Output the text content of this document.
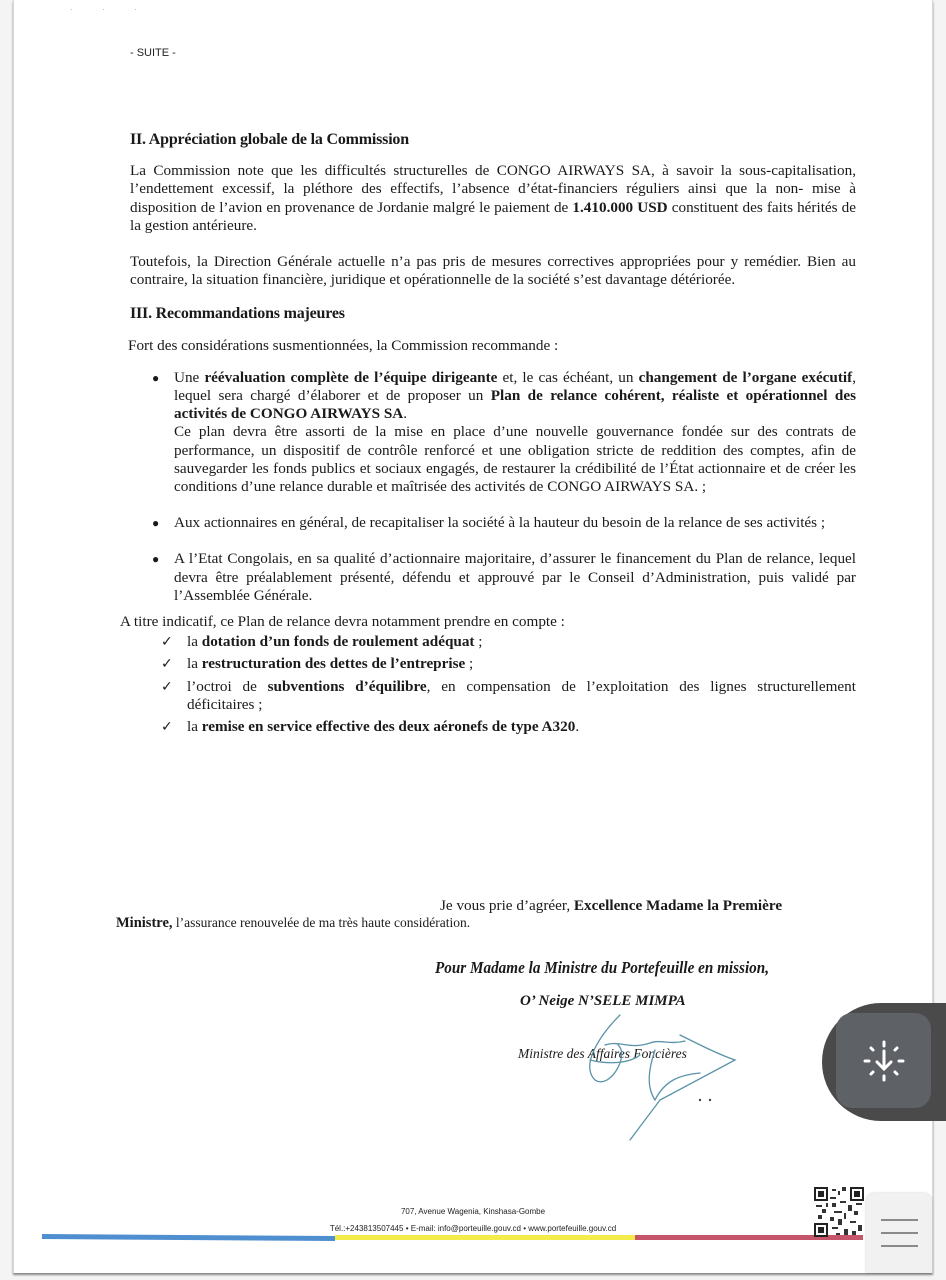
· · ·
- SUITE -
II. Appréciation globale de la Commission

La Commission note que les difficultés structurelles de CONGO AIRWAYS SA, à savoir la sous-capitalisation, l’endettement excessif, la pléthore des effectifs, l’absence d’état-financiers réguliers ainsi que la non- mise à disposition de l’avion en provenance de Jordanie malgré le paiement de 1.410.000 USD constituent des faits hérités de la gestion antérieure.

Toutefois, la Direction Générale actuelle n’a pas pris de mesures correctives appropriées pour y remédier. Bien au contraire, la situation financière, juridique et opérationnelle de la société s’est davantage détériorée.

III. Recommandations majeures

Fort des considérations susmentionnées, la Commission recommande :

● Une réévaluation complète de l’équipe dirigeante et, le cas échéant, un changement de l’organe exécutif, lequel sera chargé d’élaborer et de proposer un Plan de relance cohérent, réaliste et opérationnel des activités de CONGO AIRWAYS SA.
Ce plan devra être assorti de la mise en place d’une nouvelle gouvernance fondée sur des contrats de performance, un dispositif de contrôle renforcé et une obligation stricte de reddition des comptes, afin de sauvegarder les fonds publics et sociaux engagés, de restaurer la crédibilité de l’État actionnaire et de créer les conditions d’une relance durable et maîtrisée des activités de CONGO AIRWAYS SA. ;
● Aux actionnaires en général, de recapitaliser la société à la hauteur du besoin de la relance de ses activités ;
● A l’Etat Congolais, en sa qualité d’actionnaire majoritaire, d’assurer le financement du Plan de relance, lequel devra être préalablement présenté, défendu et approuvé par le Conseil d’Administration, puis validé par l’Assemblée Générale.

A titre indicatif, ce Plan de relance devra notamment prendre en compte :

✓ la dotation d’un fonds de roulement adéquat ;
✓ la restructuration des dettes de l’entreprise ;
✓ l’octroi de subventions d’équilibre, en compensation de l’exploitation des lignes structurellement déficitaires ;
✓ la remise en service effective des deux aéronefs de type A320.
Je vous prie d’agréer, Excellence Madame la Première
Ministre, l’assurance renouvelée de ma très haute considération.
Pour Madame la Ministre du Portefeuille en mission,
O’ Neige N’SELE MIMPA
Ministre des Affaires Foncières
707, Avenue Wagenia, Kinshasa-Gombe
Tél.:+243813507445 • E-mail: info@porteuille.gouv.cd • www.portefeuille.gouv.cd
